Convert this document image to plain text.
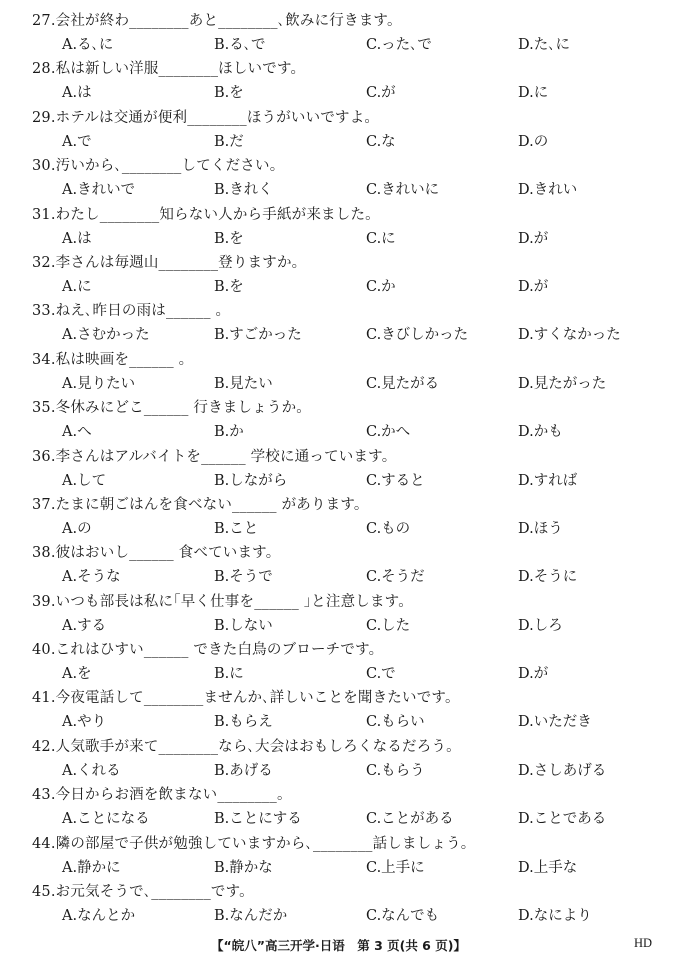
27.会社が終わ________あと________､飲みに行きます。
A.る､に	B.る､で	C.った､で	D.た､に
28.私は新しい洋服________ほしいです。
A.は	B.を	C.が	D.に
29.ホテルは交通が便利________ほうがいいですよ。
A.で	B.だ	C.な	D.の
30.汚いから､________してください。
A.きれいで	B.きれく	C.きれいに	D.きれい
31.わたし________知らない人から手紙が来ました。
A.は	B.を	C.に	D.が
32.李さんは毎週山________登りますか。
A.に	B.を	C.か	D.が
33.ねえ､昨日の雨は______ 。
A.さむかった	B.すごかった	C.きびしかった	D.すくなかった
34.私は映画を______ 。
A.見りたい	B.見たい	C.見たがる	D.見たがった
35.冬休みにどこ______ 行きましょうか。
A.へ	B.か	C.かへ	D.かも
36.李さんはアルバイトを______ 学校に通っています。
A.して	B.しながら	C.すると	D.すれば
37.たまに朝ごはんを食べない______ があります。
A.の	B.こと	C.もの	D.ほう
38.彼はおいし______ 食べています。
A.そうな	B.そうで	C.そうだ	D.そうに
39.いつも部長は私に｢早く仕事を______ ｣と注意します。
A.する	B.しない	C.した	D.しろ
40.これはひすい______ できた白鳥のブローチです。
A.を	B.に	C.で	D.が
41.今夜電話して________ませんか､詳しいことを聞きたいです。
A.やり	B.もらえ	C.もらい	D.いただき
42.人気歌手が来て________なら､大会はおもしろくなるだろう。
A.くれる	B.あげる	C.もらう	D.さしあげる
43.今日からお酒を飲まない________。
A.ことになる	B.ことにする	C.ことがある	D.ことである
44.隣の部屋で子供が勉強していますから､________話しましょう。
A.静かに	B.静かな	C.上手に	D.上手な
45.お元気そうで､________です。
A.なんとか	B.なんだか	C.なんでも	D.なにより
【“皖八”高三开学·日语　第 3 页(共 6 页)】	HD
